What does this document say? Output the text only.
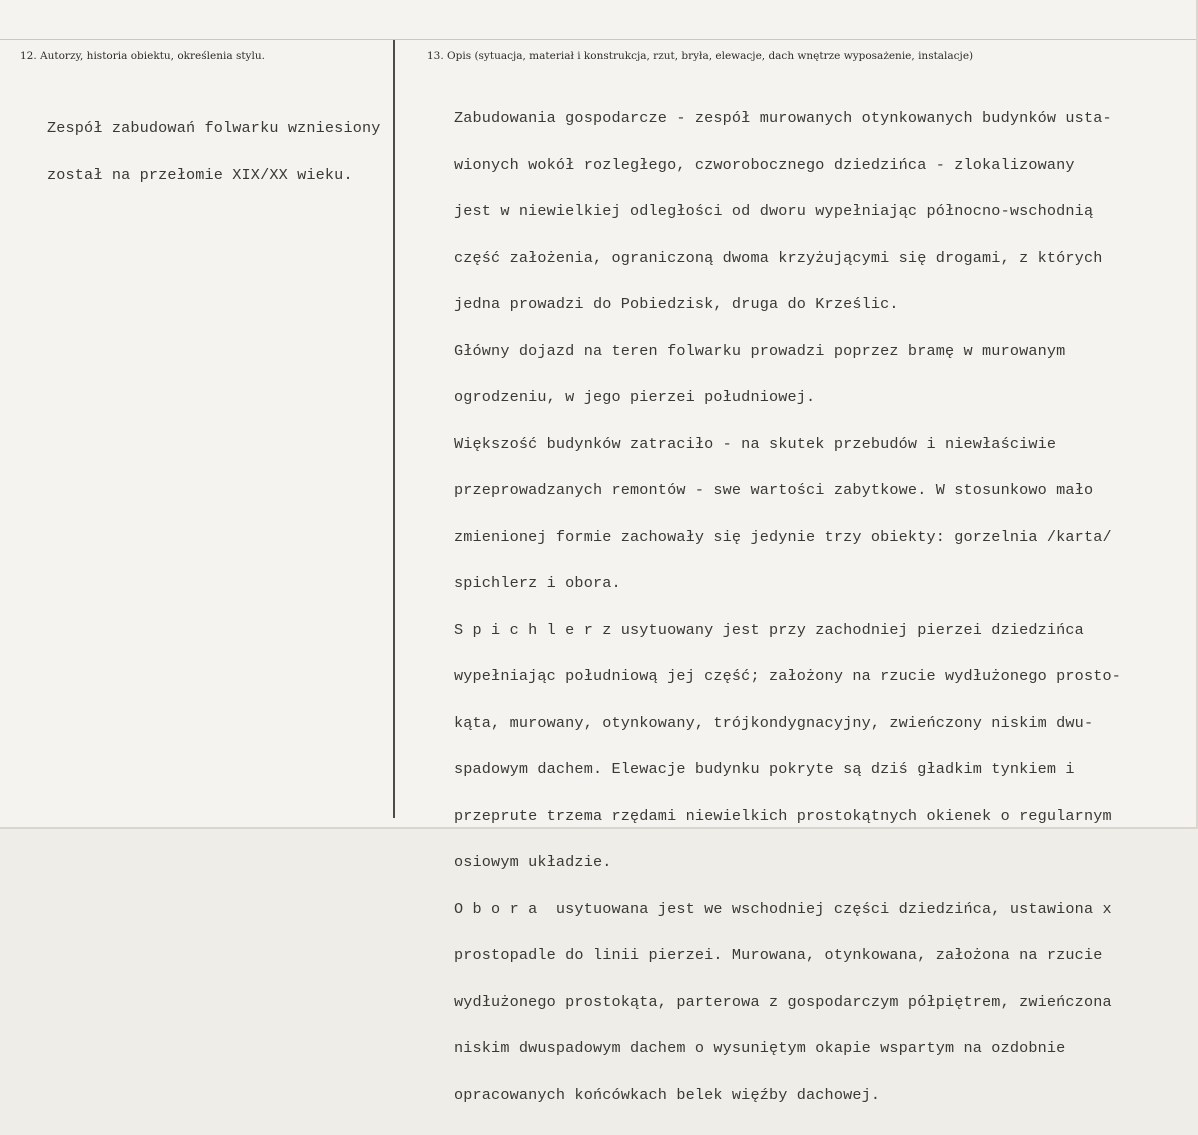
12. Autorzy, historia obiektu, określenia stylu.	13. Opis (sytuacja, materiał i konstrukcja, rzut, bryła, elewacje, dach wnętrze wyposażenie, instalacje)

Zespół zabudowań folwarku wzniesiony

został na przełomie XIX/XX wieku.

Zabudowania gospodarcze - zespół murowanych otynkowanych budynków usta-

wionych wokół rozległego, czworobocznego dziedzińca - zlokalizowany

jest w niewielkiej odległości od dworu wypełniając północno-wschodnią

część założenia, ograniczoną dwoma krzyżującymi się drogami, z których

jedna prowadzi do Pobiedzisk, druga do Krześlic.

Główny dojazd na teren folwarku prowadzi poprzez bramę w murowanym

ogrodzeniu, w jego pierzei południowej.

Większość budynków zatraciło - na skutek przebudów i niewłaściwie

przeprowadzanych remontów - swe wartości zabytkowe. W stosunkowo mało

zmienionej formie zachowały się jedynie trzy obiekty: gorzelnia /karta/

spichlerz i obora.

S p i c h l e r z usytuowany jest przy zachodniej pierzei dziedzińca

wypełniając południową jej część; założony na rzucie wydłużonego prosto-

kąta, murowany, otynkowany, trójkondygnacyjny, zwieńczony niskim dwu-

spadowym dachem. Elewacje budynku pokryte są dziś gładkim tynkiem i

przeprute trzema rzędami niewielkich prostokątnych okienek o regularnym

osiowym układzie.

O b o r a  usytuowana jest we wschodniej części dziedzińca, ustawiona x

prostopadle do linii pierzei. Murowana, otynkowana, założona na rzucie

wydłużonego prostokąta, parterowa z gospodarczym półpiętrem, zwieńczona

niskim dwuspadowym dachem o wysuniętym okapie wspartym na ozdobnie

opracowanych końcówkach belek więźby dachowej.
